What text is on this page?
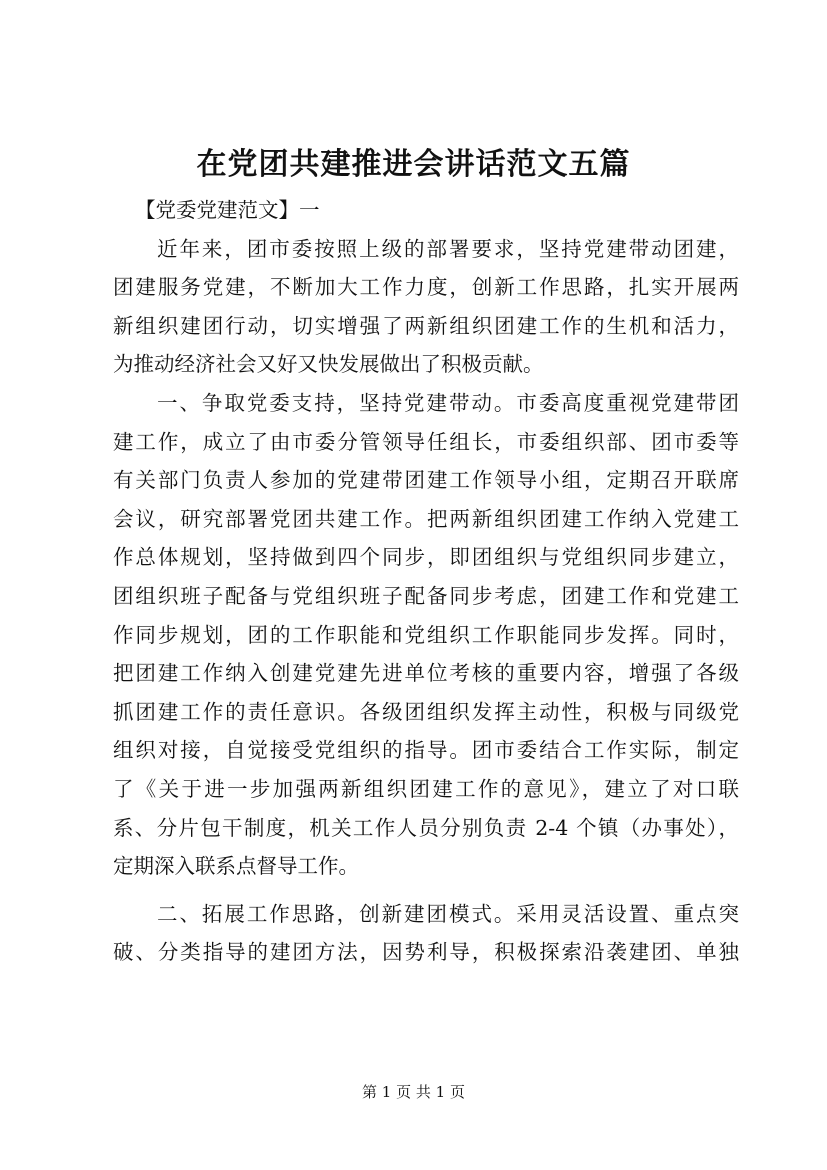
在党团共建推进会讲话范文五篇
【党委党建范文】一
近年来，团市委按照上级的部署要求，坚持党建带动团建，
团建服务党建，不断加大工作力度，创新工作思路，扎实开展两
新组织建团行动，切实增强了两新组织团建工作的生机和活力，
为推动经济社会又好又快发展做出了积极贡献。
一、争取党委支持，坚持党建带动。市委高度重视党建带团
建工作，成立了由市委分管领导任组长，市委组织部、团市委等
有关部门负责人参加的党建带团建工作领导小组，定期召开联席
会议，研究部署党团共建工作。把两新组织团建工作纳入党建工
作总体规划，坚持做到四个同步，即团组织与党组织同步建立，
团组织班子配备与党组织班子配备同步考虑，团建工作和党建工
作同步规划，团的工作职能和党组织工作职能同步发挥。同时，
把团建工作纳入创建党建先进单位考核的重要内容，增强了各级
抓团建工作的责任意识。各级团组织发挥主动性，积极与同级党
组织对接，自觉接受党组织的指导。团市委结合工作实际，制定
了《关于进一步加强两新组织团建工作的意见》，建立了对口联
系、分片包干制度，机关工作人员分别负责 2-4 个镇（办事处），
定期深入联系点督导工作。
二、拓展工作思路，创新建团模式。采用灵活设置、重点突
破、分类指导的建团方法，因势利导，积极探索沿袭建团、单独
第 1 页 共 1 页
